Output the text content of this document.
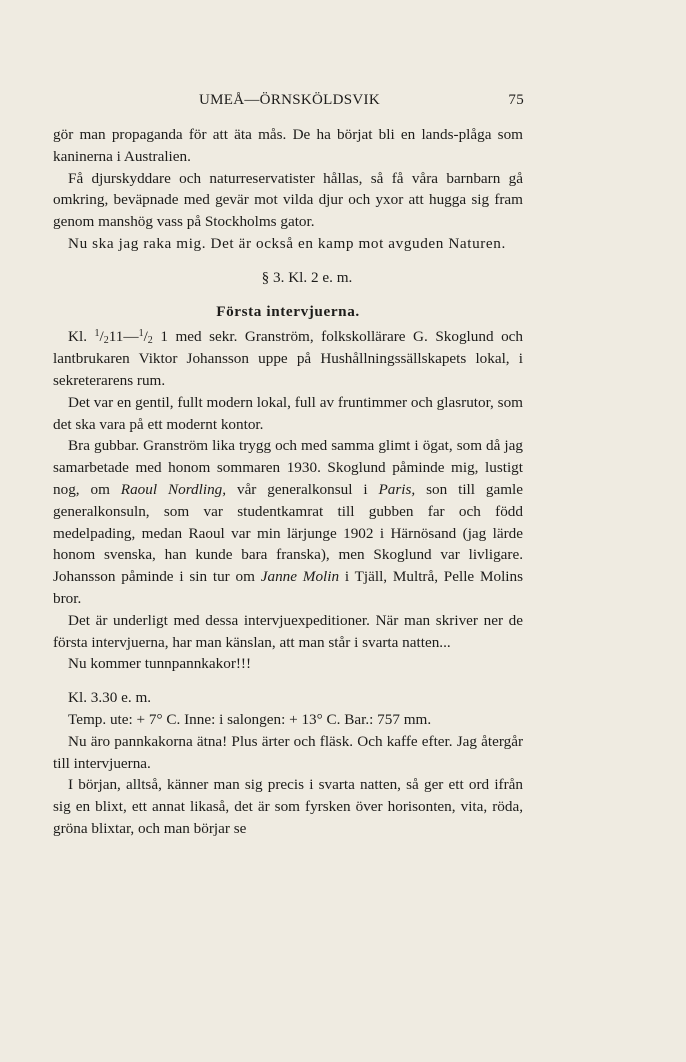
UMEÅ—ÖRNSKÖLDSVIK	75

gör man propaganda för att äta mås. De ha börjat bli en lands-plåga som kaninerna i Australien.

Få djurskyddare och naturreservatister hållas, så få våra barnbarn gå omkring, beväpnade med gevär mot vilda djur och yxor att hugga sig fram genom manshög vass på Stockholms gator.

Nu ska jag raka mig. Det är också en kamp mot avguden Naturen.

§ 3. Kl. 2 e. m.

Första intervjuerna.

Kl. $^1/_211—^1/_2$ 1 med sekr. Granström, folkskollärare G. Skoglund och lantbrukaren Viktor Johansson uppe på Hushållningssällskapets lokal, i sekreterarens rum.

Det var en gentil, fullt modern lokal, full av fruntimmer och glasrutor, som det ska vara på ett modernt kontor.

Bra gubbar. Granström lika trygg och med samma glimt i ögat, som då jag samarbetade med honom sommaren 1930. Skoglund påminde mig, lustigt nog, om Raoul Nordling, vår generalkonsul i Paris, son till gamle generalkonsuln, som var studentkamrat till gubben far och född medelpading, medan Raoul var min lärjunge 1902 i Härnösand (jag lärde honom svenska, han kunde bara franska), men Skoglund var livligare. Johansson påminde i sin tur om Janne Molin i Tjäll, Multrå, Pelle Molins bror.

Det är underligt med dessa intervjuexpeditioner. När man skriver ner de första intervjuerna, har man känslan, att man står i svarta natten...

Nu kommer tunnpannkakor!!!

Kl. 3.30 e. m.

Temp. ute: + 7° C. Inne: i salongen: + 13° C. Bar.: 757 mm.

Nu äro pannkakorna ätna! Plus ärter och fläsk. Och kaffe efter. Jag återgår till intervjuerna.

I början, alltså, känner man sig precis i svarta natten, så ger ett ord ifrån sig en blixt, ett annat likaså, det är som fyrsken över horisonten, vita, röda, gröna blixtar, och man börjar se
